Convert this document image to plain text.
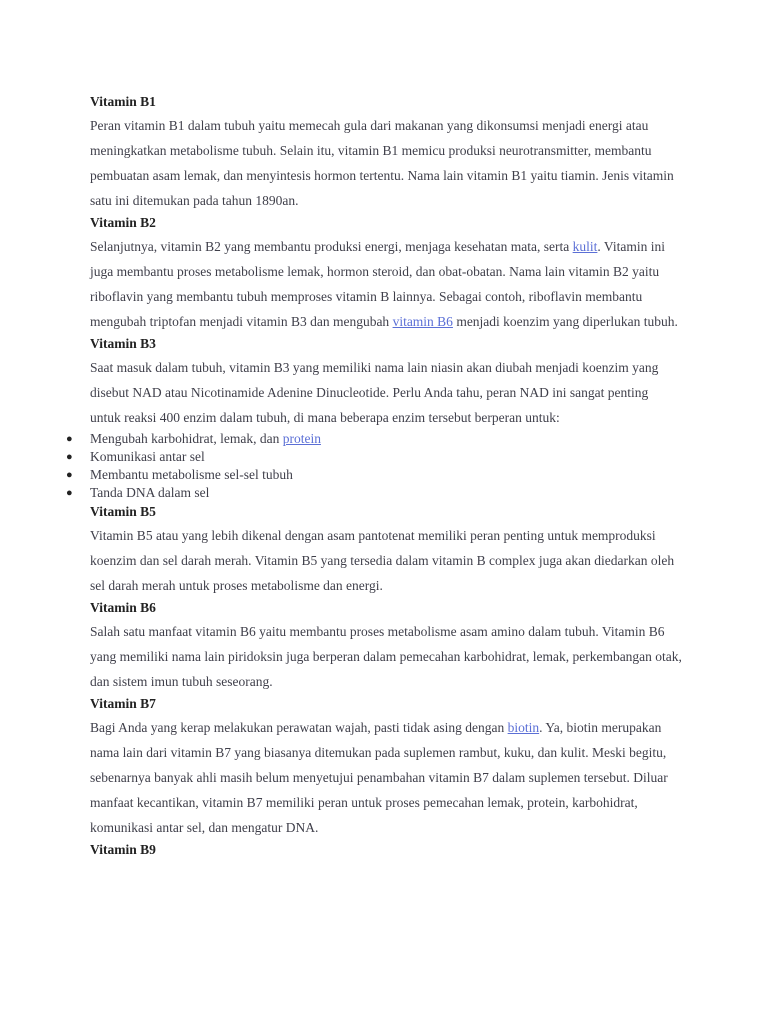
Vitamin B1

Peran vitamin B1 dalam tubuh yaitu memecah gula dari makanan yang dikonsumsi menjadi energi atau meningkatkan metabolisme tubuh. Selain itu, vitamin B1 memicu produksi neurotransmitter, membantu pembuatan asam lemak, dan menyintesis hormon tertentu. Nama lain vitamin B1 yaitu tiamin. Jenis vitamin satu ini ditemukan pada tahun 1890an.

Vitamin B2

Selanjutnya, vitamin B2 yang membantu produksi energi, menjaga kesehatan mata, serta kulit. Vitamin ini juga membantu proses metabolisme lemak, hormon steroid, dan obat-obatan. Nama lain vitamin B2 yaitu riboflavin yang membantu tubuh memproses vitamin B lainnya. Sebagai contoh, riboflavin membantu mengubah triptofan menjadi vitamin B3 dan mengubah vitamin B6 menjadi koenzim yang diperlukan tubuh.

Vitamin B3

Saat masuk dalam tubuh, vitamin B3 yang memiliki nama lain niasin akan diubah menjadi koenzim yang disebut NAD atau Nicotinamide Adenine Dinucleotide. Perlu Anda tahu, peran NAD ini sangat penting untuk reaksi 400 enzim dalam tubuh, di mana beberapa enzim tersebut berperan untuk:

● Mengubah karbohidrat, lemak, dan protein
● Komunikasi antar sel
● Membantu metabolisme sel-sel tubuh
● Tanda DNA dalam sel
Vitamin B5

Vitamin B5 atau yang lebih dikenal dengan asam pantotenat memiliki peran penting untuk memproduksi koenzim dan sel darah merah. Vitamin B5 yang tersedia dalam vitamin B complex juga akan diedarkan oleh sel darah merah untuk proses metabolisme dan energi.

Vitamin B6

Salah satu manfaat vitamin B6 yaitu membantu proses metabolisme asam amino dalam tubuh. Vitamin B6 yang memiliki nama lain piridoksin juga berperan dalam pemecahan karbohidrat, lemak, perkembangan otak, dan sistem imun tubuh seseorang.

Vitamin B7

Bagi Anda yang kerap melakukan perawatan wajah, pasti tidak asing dengan biotin. Ya, biotin merupakan nama lain dari vitamin B7 yang biasanya ditemukan pada suplemen rambut, kuku, dan kulit. Meski begitu, sebenarnya banyak ahli masih belum menyetujui penambahan vitamin B7 dalam suplemen tersebut. Diluar manfaat kecantikan, vitamin B7 memiliki peran untuk proses pemecahan lemak, protein, karbohidrat, komunikasi antar sel, dan mengatur DNA.

Vitamin B9
